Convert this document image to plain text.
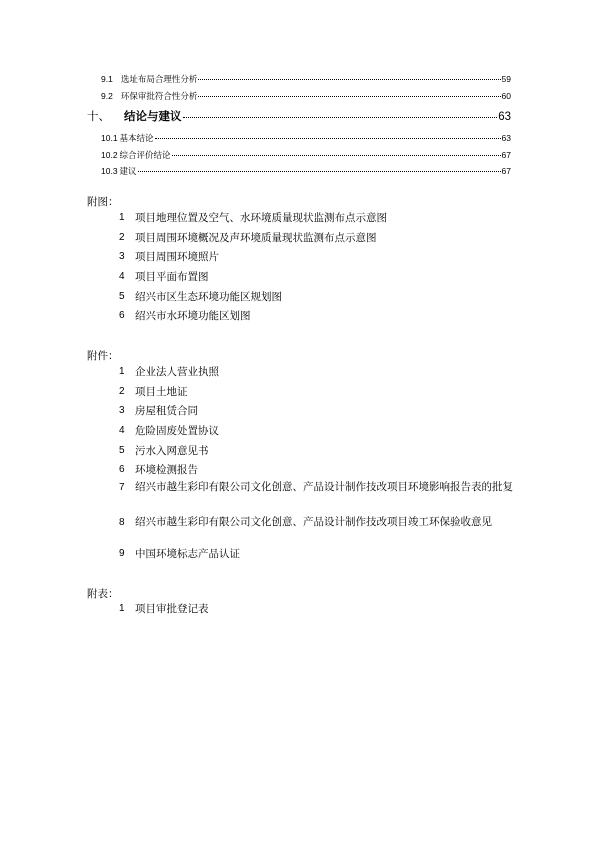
9.1 选址布局合理性分析	59
9.2 环保审批符合性分析	60
十、 结论与建议	63
10.1 基本结论	63
10.2 综合评价结论	67
10.3 建议	67
附图：
1 项目地理位置及空气、水环境质量现状监测布点示意图
2 项目周围环境概况及声环境质量现状监测布点示意图
3 项目周围环境照片
4 项目平面布置图
5 绍兴市区生态环境功能区规划图
6 绍兴市水环境功能区划图
附件：
1 企业法人营业执照
2 项目土地证
3 房屋租赁合同
4 危险固废处置协议
5 污水入网意见书
6 环境检测报告
7 绍兴市越生彩印有限公司文化创意、产品设计制作技改项目环境影响报告表的批复
8 绍兴市越生彩印有限公司文化创意、产品设计制作技改项目竣工环保验收意见
9 中国环境标志产品认证
附表：
1 项目审批登记表
